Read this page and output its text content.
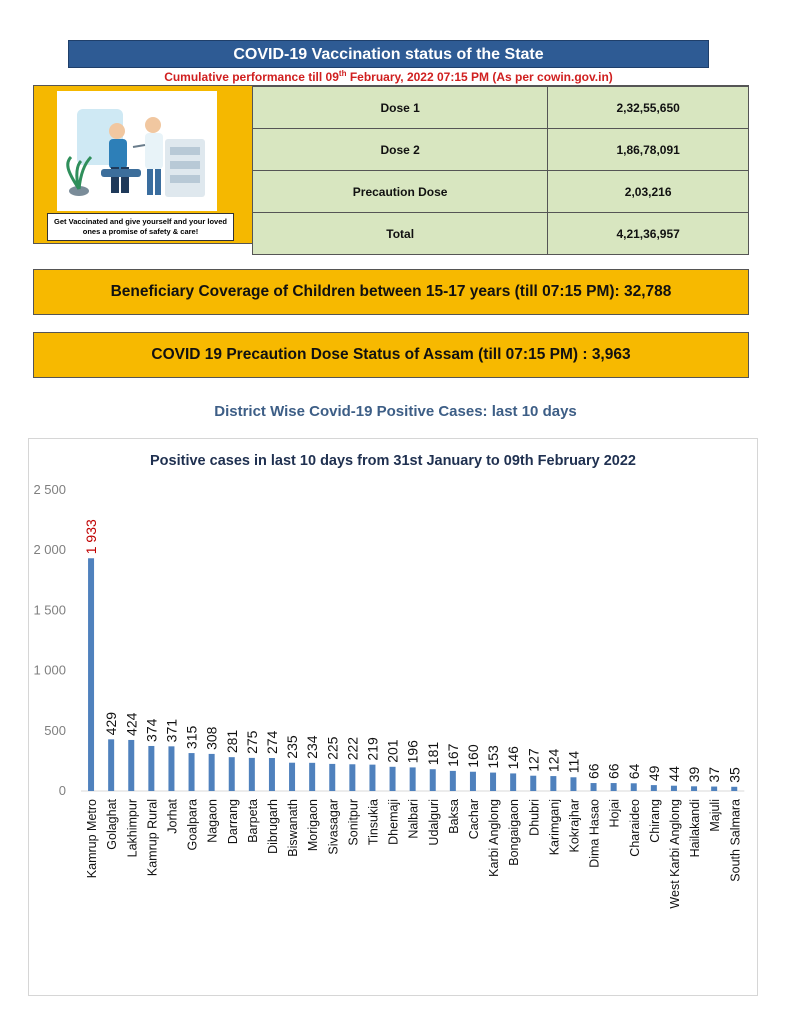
COVID-19 Vaccination status of the State
Cumulative performance till 09th February, 2022 07:15 PM (As per cowin.gov.in)
Get Vaccinated and give yourself and your loved ones a promise of safety & care!
Dose 1	2,32,55,650
Dose 2	1,86,78,091
Precaution Dose	2,03,216
Total	4,21,36,957
Beneficiary Coverage of Children between 15-17 years (till 07:15 PM): 32,788
COVID 19 Precaution Dose Status of Assam (till 07:15 PM) : 3,963
District Wise Covid-19 Positive Cases: last 10 days
Positive cases in last 10 days from 31st January to 09th February 2022
0
500
1 000
1 500
2 000
2 500
1 933
Kamrup Metro
429
Golaghat
424
Lakhimpur
374
Kamrup Rural
371
Jorhat
315
Goalpara
308
Nagaon
281
Darrang
275
Barpeta
274
Dibrugarh
235
Biswanath
234
Morigaon
225
Sivasagar
222
Sonitpur
219
Tinsukia
201
Dhemaji
196
Nalbari
181
Udalguri
167
Baksa
160
Cachar
153
Karbi Anglong
146
Bongaigaon
127
Dhubri
124
Karimganj
114
Kokrajhar
66
Dima Hasao
66
Hojai
64
Charaideo
49
Chirang
44
West Karbi Anglong
39
Hailakandi
37
Majuli
35
South Salmara
